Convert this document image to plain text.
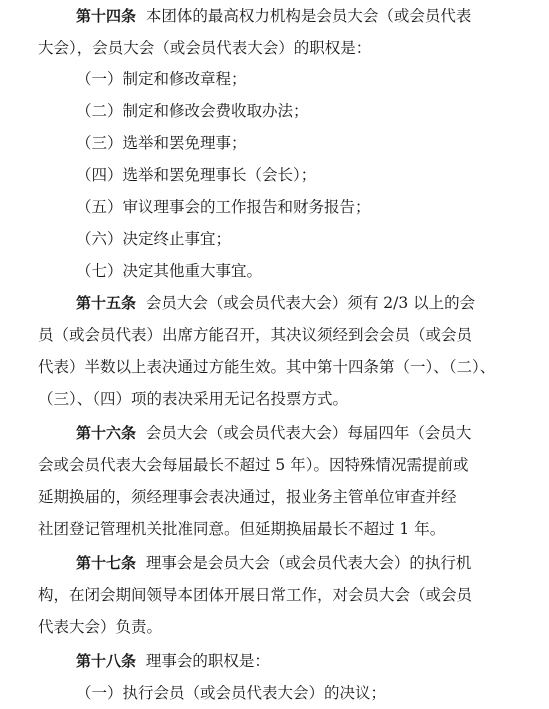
第十四条 本团体的最高权力机构是会员大会（或会员代表
大会），会员大会（或会员代表大会）的职权是：
（一）制定和修改章程；
（二）制定和修改会费收取办法；
（三）选举和罢免理事；
（四）选举和罢免理事长（会长）；
（五）审议理事会的工作报告和财务报告；
（六）决定终止事宜；
（七）决定其他重大事宜。
第十五条 会员大会（或会员代表大会）须有 2/3 以上的会
员（或会员代表）出席方能召开，其决议须经到会会员（或会员
代表）半数以上表决通过方能生效。其中第十四条第（一）、（二）、
（三）、（四）项的表决采用无记名投票方式。
第十六条 会员大会（或会员代表大会）每届四年（会员大
会或会员代表大会每届最长不超过 5 年）。因特殊情况需提前或
延期换届的，须经理事会表决通过，报业务主管单位审查并经
社团登记管理机关批准同意。但延期换届最长不超过 1 年。
第十七条 理事会是会员大会（或会员代表大会）的执行机
构，在闭会期间领导本团体开展日常工作，对会员大会（或会员
代表大会）负责。
第十八条 理事会的职权是：
（一）执行会员（或会员代表大会）的决议；
